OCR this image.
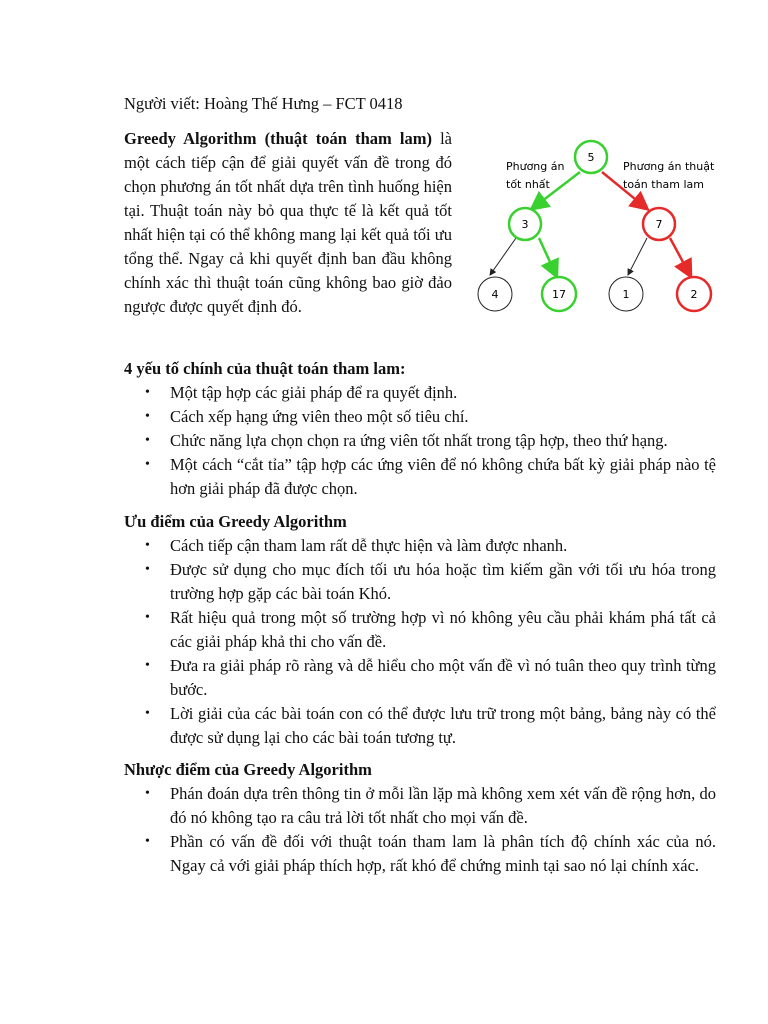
Người viết: Hoàng Thế Hưng – FCT 0418
Greedy Algorithm (thuật toán tham lam) là một cách tiếp cận để giải quyết vấn đề trong đó chọn phương án tốt nhất dựa trên tình huống hiện tại. Thuật toán này bỏ qua thực tế là kết quả tốt nhất hiện tại có thể không mang lại kết quả tối ưu tổng thể. Ngay cả khi quyết định ban đầu không chính xác thì thuật toán cũng không bao giờ đảo ngược được quyết định đó.
5
3	7
4	17	1	2
Phương án
tốt nhất
Phương án thuật
toán tham lam

4 yếu tố chính của thuật toán tham lam:

• Một tập hợp các giải pháp để ra quyết định.
• Cách xếp hạng ứng viên theo một số tiêu chí.
• Chức năng lựa chọn chọn ra ứng viên tốt nhất trong tập hợp, theo thứ hạng.
• Một cách “cắt tỉa” tập hợp các ứng viên để nó không chứa bất kỳ giải pháp nào tệ hơn giải pháp đã được chọn.

Ưu điểm của Greedy Algorithm

• Cách tiếp cận tham lam rất dễ thực hiện và làm được nhanh.
• Được sử dụng cho mục đích tối ưu hóa hoặc tìm kiếm gần với tối ưu hóa trong trường hợp gặp các bài toán Khó.
• Rất hiệu quả trong một số trường hợp vì nó không yêu cầu phải khám phá tất cả các giải pháp khả thi cho vấn đề.
• Đưa ra giải pháp rõ ràng và dễ hiểu cho một vấn đề vì nó tuân theo quy trình từng bước.
• Lời giải của các bài toán con có thể được lưu trữ trong một bảng, bảng này có thể được sử dụng lại cho các bài toán tương tự.

Nhược điểm của Greedy Algorithm

• Phán đoán dựa trên thông tin ở mỗi lần lặp mà không xem xét vấn đề rộng hơn, do đó nó không tạo ra câu trả lời tốt nhất cho mọi vấn đề.
• Phần có vấn đề đối với thuật toán tham lam là phân tích độ chính xác của nó. Ngay cả với giải pháp thích hợp, rất khó để chứng minh tại sao nó lại chính xác.
